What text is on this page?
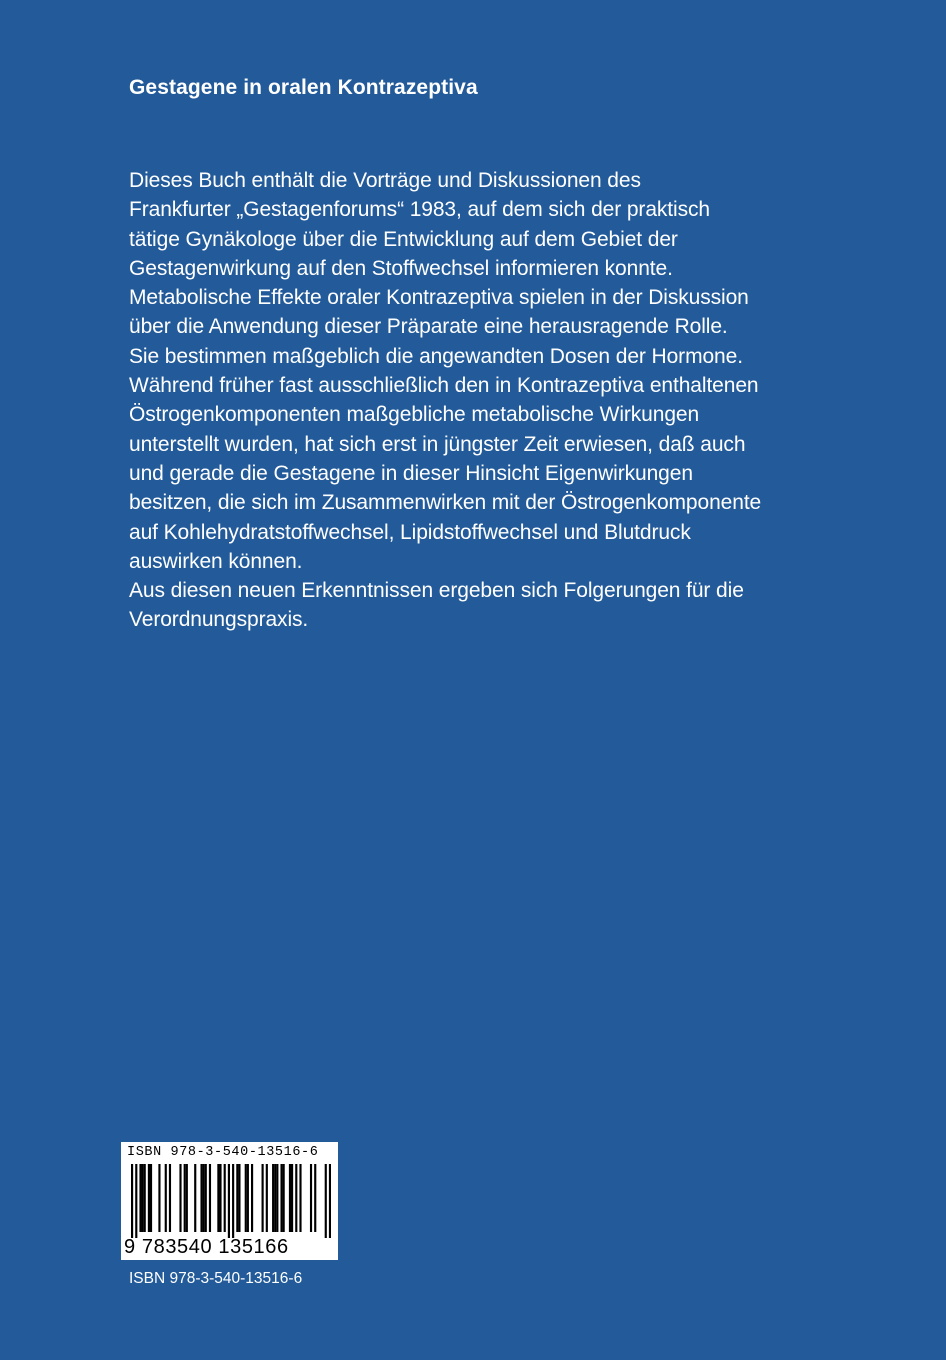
Gestagene in oralen Kontrazeptiva
Dieses Buch enthält die Vorträge und Diskussionen des
Frankfurter „Gestagenforums“ 1983, auf dem sich der praktisch
tätige Gynäkologe über die Entwicklung auf dem Gebiet der
Gestagenwirkung auf den Stoffwechsel informieren konnte.
Metabolische Effekte oraler Kontrazeptiva spielen in der Diskussion
über die Anwendung dieser Präparate eine herausragende Rolle.
Sie bestimmen maßgeblich die angewandten Dosen der Hormone.
Während früher fast ausschließlich den in Kontrazeptiva enthaltenen
Östrogenkomponenten maßgebliche metabolische Wirkungen
unterstellt wurden, hat sich erst in jüngster Zeit erwiesen, daß auch
und gerade die Gestagene in dieser Hinsicht Eigenwirkungen
besitzen, die sich im Zusammenwirken mit der Östrogenkomponente
auf Kohlehydratstoffwechsel, Lipidstoffwechsel und Blutdruck
auswirken können.
Aus diesen neuen Erkenntnissen ergeben sich Folgerungen für die
Verordnungspraxis.
ISBN 978-3-540-13516-6
9 783540 135166
ISBN 978-3-540-13516-6
